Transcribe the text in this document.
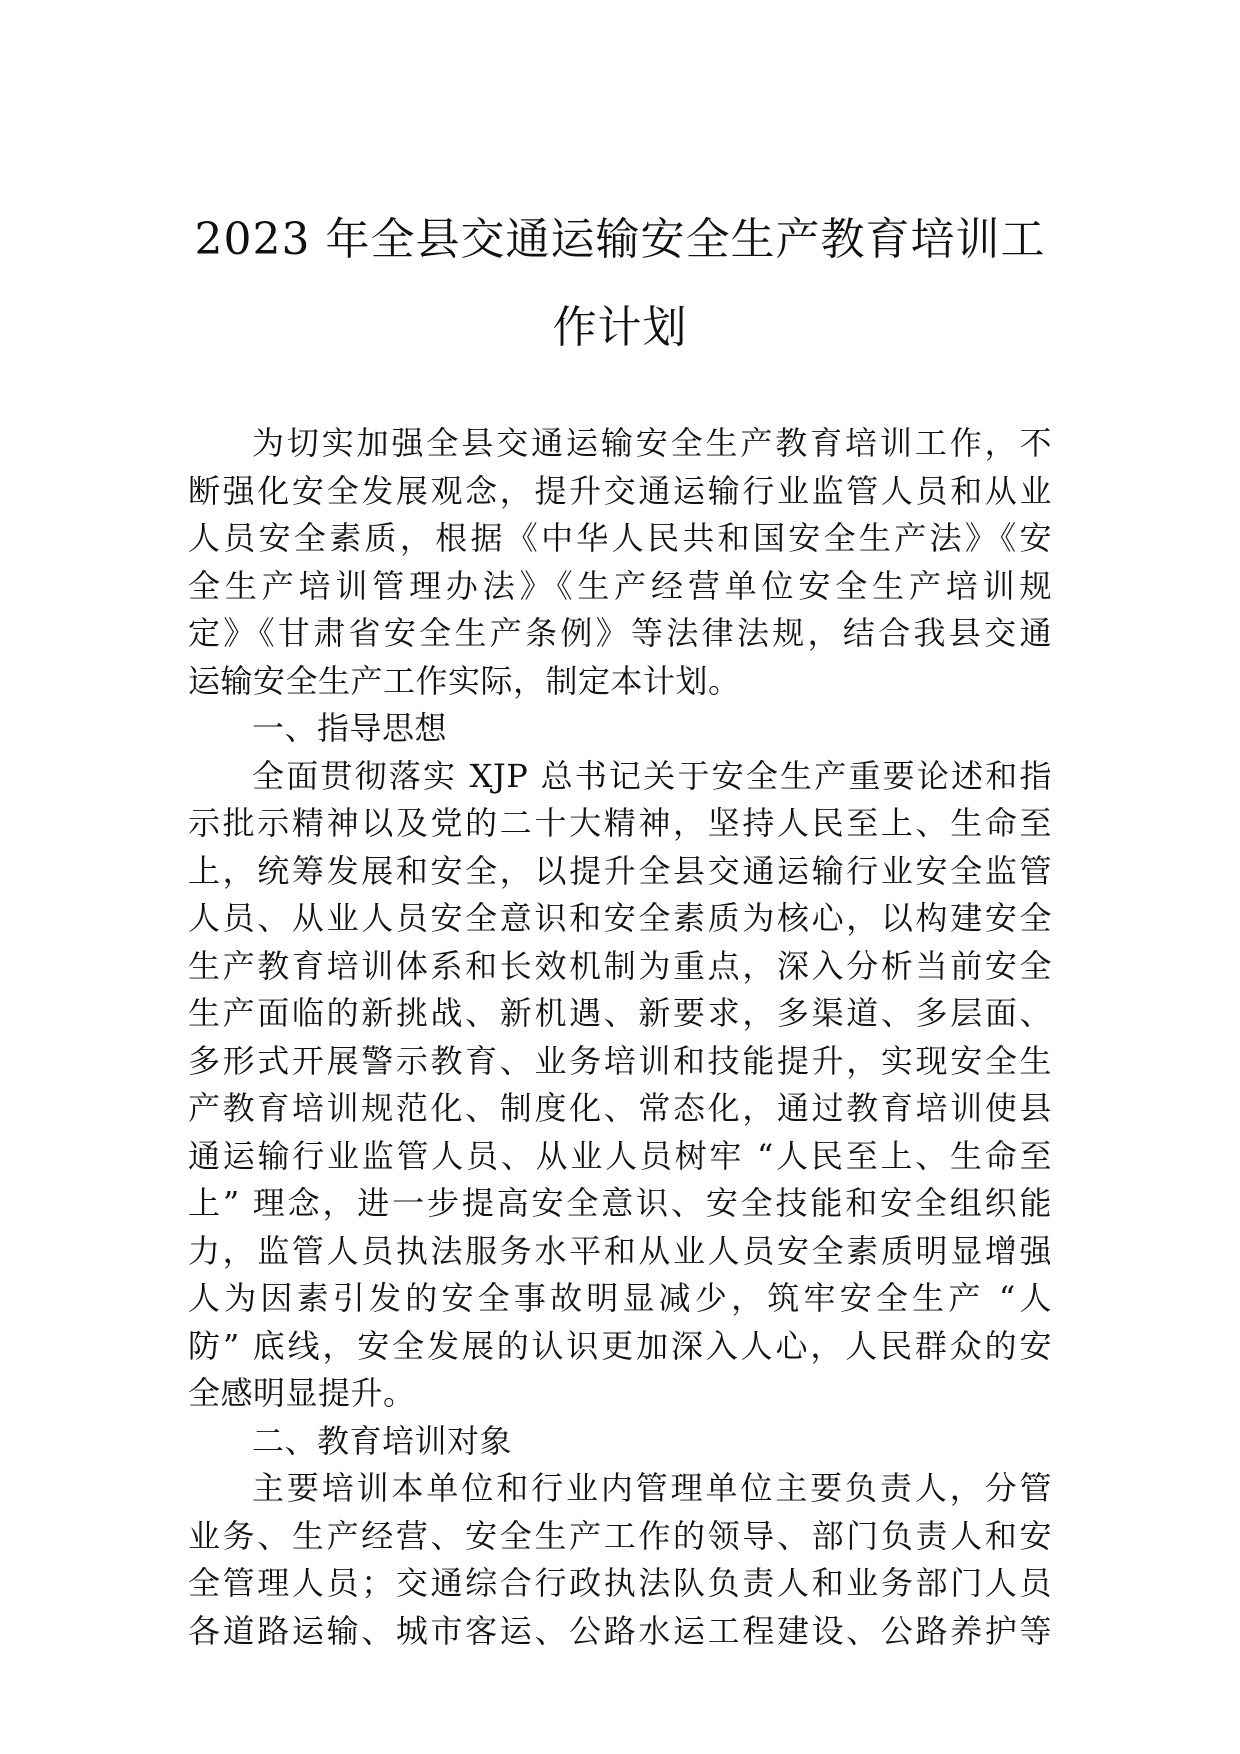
2023 年全县交通运输安全生产教育培训工
作计划
为切实加强全县交通运输安全生产教育培训工作，不
断强化安全发展观念，提升交通运输行业监管人员和从业
人员安全素质，根据《中华人民共和国安全生产法》《安
全生产培训管理办法》《生产经营单位安全生产培训规
定》《甘肃省安全生产条例》等法律法规，结合我县交通
运输安全生产工作实际，制定本计划。
一、指导思想
全面贯彻落实 XJP 总书记关于安全生产重要论述和指
示批示精神以及党的二十大精神，坚持人民至上、生命至
上，统筹发展和安全，以提升全县交通运输行业安全监管
人员、从业人员安全意识和安全素质为核心，以构建安全
生产教育培训体系和长效机制为重点，深入分析当前安全
生产面临的新挑战、新机遇、新要求，多渠道、多层面、
多形式开展警示教育、业务培训和技能提升，实现安全生
产教育培训规范化、制度化、常态化，通过教育培训使县
通运输行业监管人员、从业人员树牢 “人民至上、生命至
上” 理念，进一步提高安全意识、安全技能和安全组织能
力，监管人员执法服务水平和从业人员安全素质明显增强
人为因素引发的安全事故明显减少，筑牢安全生产 “人
防” 底线，安全发展的认识更加深入人心，人民群众的安
全感明显提升。
二、教育培训对象
主要培训本单位和行业内管理单位主要负责人，分管
业务、生产经营、安全生产工作的领导、部门负责人和安
全管理人员；交通综合行政执法队负责人和业务部门人员
各道路运输、城市客运、公路水运工程建设、公路养护等
